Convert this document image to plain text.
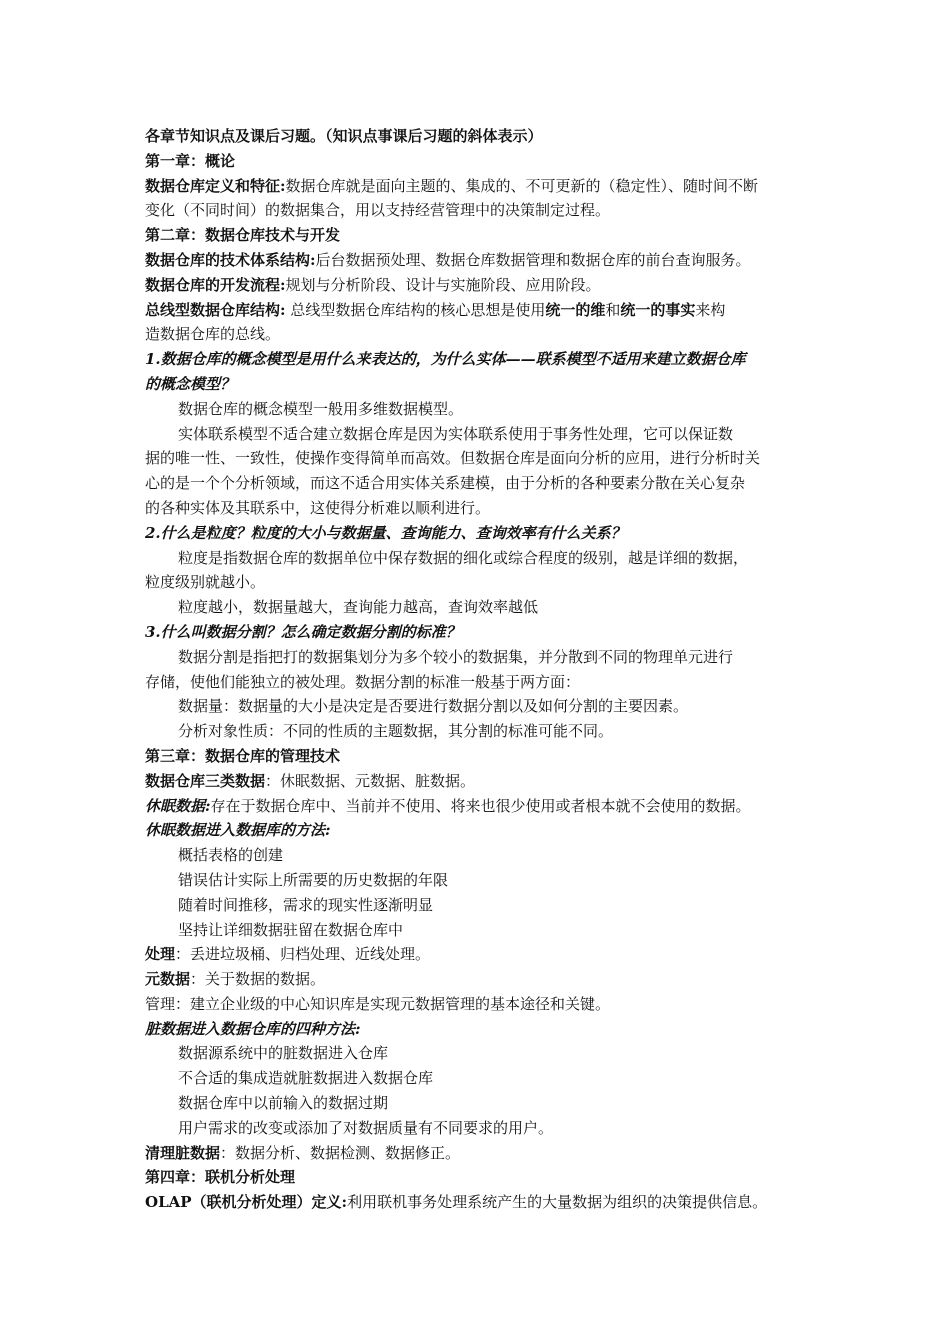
各章节知识点及课后习题。（知识点事课后习题的斜体表示）
第一章：概论
数据仓库定义和特征:数据仓库就是面向主题的、集成的、不可更新的（稳定性）、随时间不断
变化（不同时间）的数据集合，用以支持经营管理中的决策制定过程。
第二章：数据仓库技术与开发
数据仓库的技术体系结构:后台数据预处理、数据仓库数据管理和数据仓库的前台查询服务。
数据仓库的开发流程:规划与分析阶段、设计与实施阶段、应用阶段。
总线型数据仓库结构: 总线型数据仓库结构的核心思想是使用统一的维和统一的事实来构
造数据仓库的总线。
1.数据仓库的概念模型是用什么来表达的，为什么实体——联系模型不适用来建立数据仓库
的概念模型？
数据仓库的概念模型一般用多维数据模型。
实体联系模型不适合建立数据仓库是因为实体联系使用于事务性处理，它可以保证数
据的唯一性、一致性，使操作变得简单而高效。但数据仓库是面向分析的应用，进行分析时关
心的是一个个分析领域，而这不适合用实体关系建模，由于分析的各种要素分散在关心复杂
的各种实体及其联系中，这使得分析难以顺利进行。
2.什么是粒度？粒度的大小与数据量、查询能力、查询效率有什么关系？
粒度是指数据仓库的数据单位中保存数据的细化或综合程度的级别，越是详细的数据，
粒度级别就越小。
粒度越小，数据量越大，查询能力越高，查询效率越低
3.什么叫数据分割？怎么确定数据分割的标准？
数据分割是指把打的数据集划分为多个较小的数据集，并分散到不同的物理单元进行
存储，使他们能独立的被处理。数据分割的标准一般基于两方面：
数据量：数据量的大小是决定是否要进行数据分割以及如何分割的主要因素。
分析对象性质：不同的性质的主题数据，其分割的标准可能不同。
第三章：数据仓库的管理技术
数据仓库三类数据：休眠数据、元数据、脏数据。
休眠数据:存在于数据仓库中、当前并不使用、将来也很少使用或者根本就不会使用的数据。
休眠数据进入数据库的方法:
概括表格的创建
错误估计实际上所需要的历史数据的年限
随着时间推移，需求的现实性逐渐明显
坚持让详细数据驻留在数据仓库中
处理：丢进垃圾桶、归档处理、近线处理。
元数据：关于数据的数据。
管理：建立企业级的中心知识库是实现元数据管理的基本途径和关键。
脏数据进入数据仓库的四种方法:
数据源系统中的脏数据进入仓库
不合适的集成造就脏数据进入数据仓库
数据仓库中以前输入的数据过期
用户需求的改变或添加了对数据质量有不同要求的用户。
清理脏数据：数据分析、数据检测、数据修正。
第四章：联机分析处理
OLAP（联机分析处理）定义:利用联机事务处理系统产生的大量数据为组织的决策提供信息。
